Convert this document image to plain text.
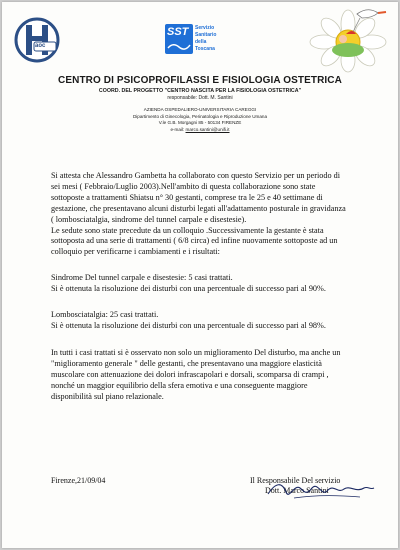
aoc
SST Servizio
Sanitario
della
Toscana
CENTRO DI PSICOPROFILASSI E FISIOLOGIA OSTETRICA
COORD. DEL PROGETTO "CENTRO NASCITA PER LA FISIOLOGIA OSTETRICA"
responsabile: Dott. M. Santini
AZIENDA OSPEDALIERO-UNIVERSITARIA CAREGGI
Dipartimento di Ginecologia, Perinatologia e Riproduzione Umana
V.le G.B. Morgagni 85 - 50134 FIRENZE
e-mail: marco.santini@unifi.it
Si attesta che Alessandro Gambetta ha collaborato con questo Servizio per un periodo di
sei mesi ( Febbraio/Luglio 2003).Nell'ambito di questa collaborazione sono state
sottoposte a trattamenti Shiatsu n° 30 gestanti, comprese tra le 25 e 40 settimane di
gestazione, che presentavano alcuni disturbi legati all'adattamento posturale in gravidanza
( lombosciatalgia, sindrome del tunnel carpale e disestesie).
Le sedute sono state precedute da un colloquio .Successivamente la gestante è stata
sottoposta ad una serie di trattamenti ( 6/8 circa) ed infine nuovamente sottoposte ad un
colloquio per verificarne i cambiamenti e i risultati:
Sindrome Del tunnel carpale e disestesie: 5 casi trattati.
Si è ottenuta la risoluzione dei disturbi con una percentuale di successo pari al 90%.
Lombosciatalgia: 25 casi trattati.
Si è ottenuta la risoluzione dei disturbi con una percentuale di successo pari al 98%.
In tutti i casi trattati si è osservato non solo un miglioramento Del disturbo, ma anche un
"miglioramento generale " delle gestanti, che presentavano una maggiore elasticità
muscolare con attenuazione dei dolori infrascapolari e dorsali, scomparsa di crampi ,
nonché un maggior equilibrio della sfera emotiva e una conseguente maggiore
disponibilità sul piano relazionale.
Firenze,21/09/04	Il Responsabile Del servizio
Dott. Marco Santini
